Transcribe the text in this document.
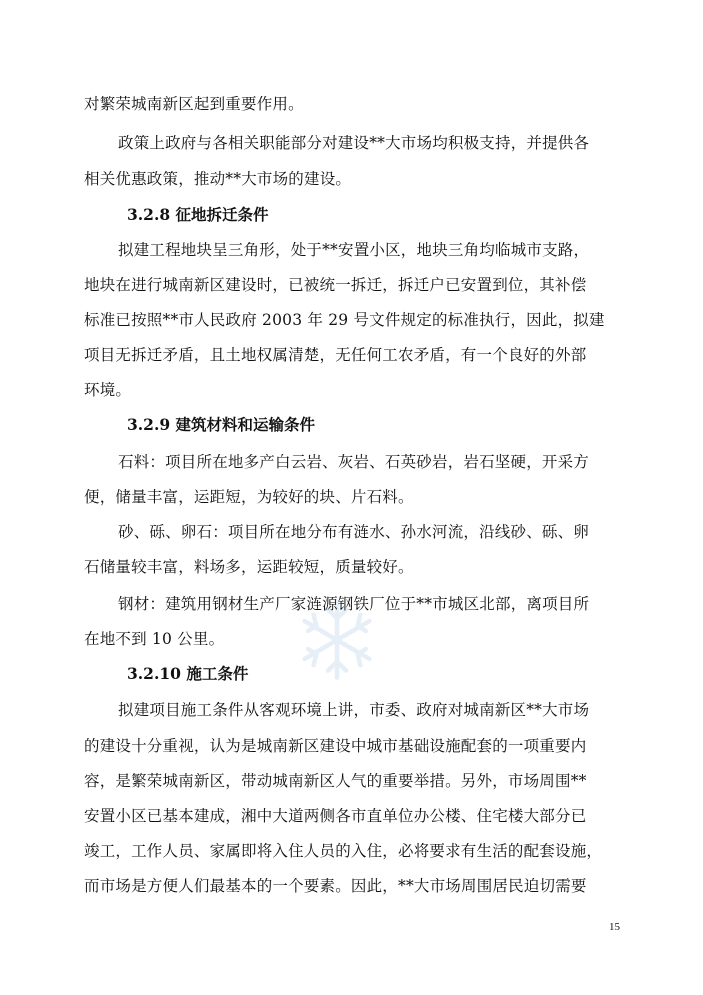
对繁荣城南新区起到重要作用。
政策上政府与各相关职能部分对建设**大市场均积极支持，并提供各
相关优惠政策，推动**大市场的建设。
3.2.8 征地拆迁条件
拟建工程地块呈三角形，处于**安置小区，地块三角均临城市支路，
地块在进行城南新区建设时，已被统一拆迁，拆迁户已安置到位，其补偿
标准已按照**市人民政府 2003 年 29 号文件规定的标准执行，因此，拟建
项目无拆迁矛盾，且土地权属清楚，无任何工农矛盾，有一个良好的外部
环境。
3.2.9 建筑材料和运输条件
石料：项目所在地多产白云岩、灰岩、石英砂岩，岩石坚硬，开采方
便，储量丰富，运距短，为较好的块、片石料。
砂、砾、卵石：项目所在地分布有涟水、孙水河流，沿线砂、砾、卵
石储量较丰富，料场多，运距较短，质量较好。
钢材：建筑用钢材生产厂家涟源钢铁厂位于**市城区北部，离项目所
在地不到 10 公里。
3.2.10 施工条件
拟建项目施工条件从客观环境上讲，市委、政府对城南新区**大市场
的建设十分重视，认为是城南新区建设中城市基础设施配套的一项重要内
容，是繁荣城南新区，带动城南新区人气的重要举措。另外，市场周围**
安置小区已基本建成，湘中大道两侧各市直单位办公楼、住宅楼大部分已
竣工，工作人员、家属即将入住人员的入住，必将要求有生活的配套设施，
而市场是方便人们最基本的一个要素。因此，**大市场周围居民迫切需要
15
